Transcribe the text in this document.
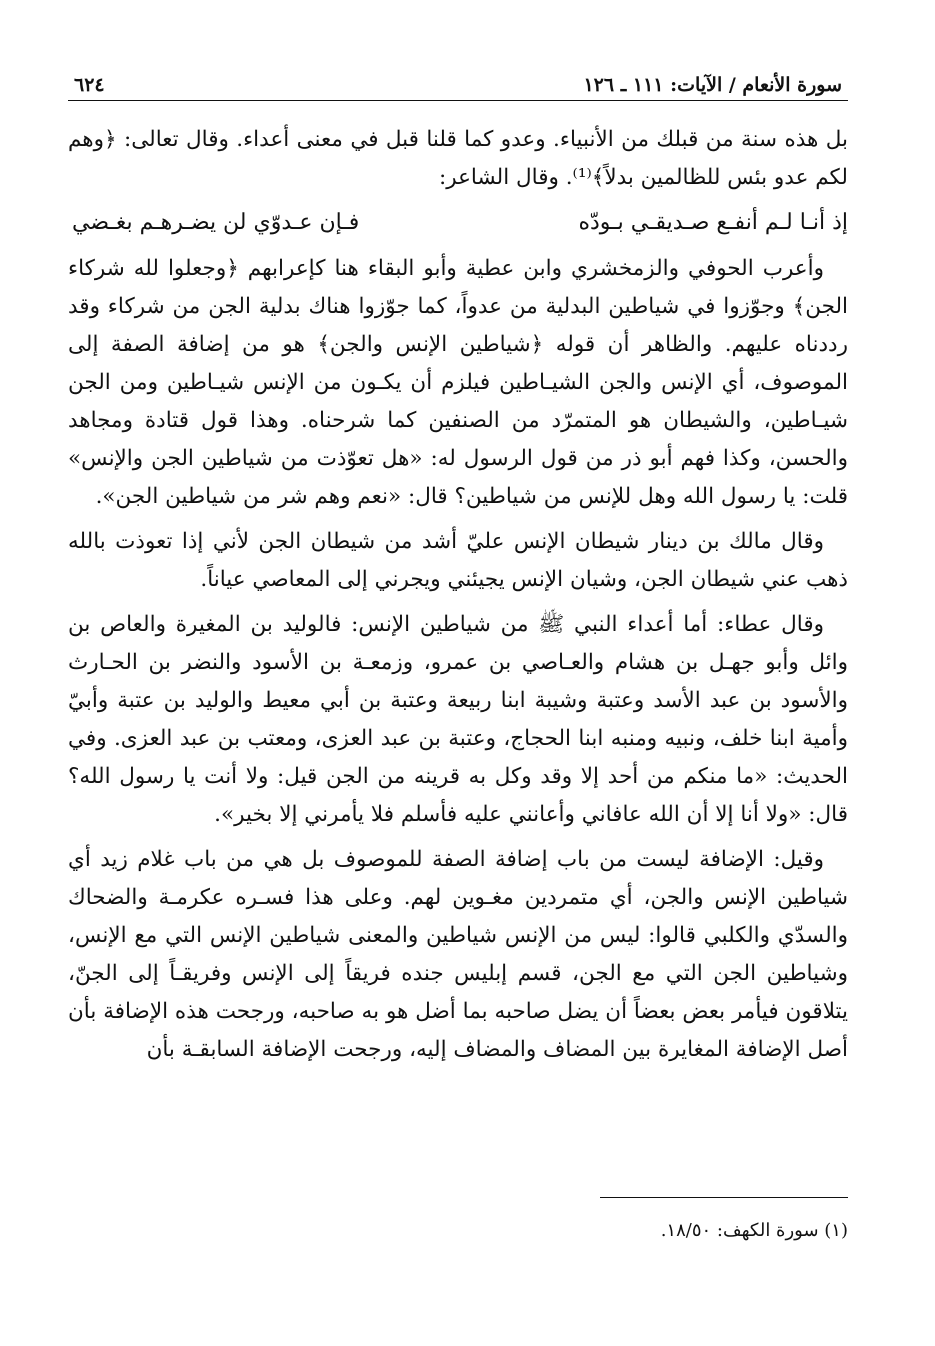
سورة الأنعام / الآيات: ١١١ ـ ١٢٦
٦٢٤

بل هذه سنة من قبلك من الأنبياء. وعدو كما قلنا قبل في معنى أعداء. وقال تعالى: ﴿وهم لكم عدو بئس للظالمين بدلاً﴾⁽¹⁾. وقال الشاعر:

إذ أنـا لـم أنفـع صـديقـي بـودّه
فـإن عـدوّي لن يضـرهـم بغـضي

وأعرب الحوفي والزمخشري وابن عطية وأبو البقاء هنا كإعرابهم ﴿وجعلوا لله شركاء الجن﴾ وجوّزوا في شياطين البدلية من عدواً، كما جوّزوا هناك بدلية الجن من شركاء وقد رددناه عليهم. والظاهر أن قوله ﴿شياطين الإنس والجن﴾ هو من إضافة الصفة إلى الموصوف، أي الإنس والجن الشيـاطين فيلزم أن يكـون من الإنس شيـاطين ومن الجن شيـاطين، والشيطان هو المتمرّد من الصنفين كما شرحناه. وهذا قول قتادة ومجاهد والحسن، وكذا فهم أبو ذر من قول الرسول له: «هل تعوّذت من شياطين الجن والإنس» قلت: يا رسول الله وهل للإنس من شياطين؟ قال: «نعم وهم شر من شياطين الجن».

وقال مالك بن دينار شيطان الإنس عليّ أشد من شيطان الجن لأني إذا تعوذت بالله ذهب عني شيطان الجن، وشيان الإنس يجيئني ويجرني إلى المعاصي عياناً.

وقال عطاء: أما أعداء النبي ﷺ من شياطين الإنس: فالوليد بن المغيرة والعاص بن وائل وأبو جهـل بن هشام والعـاصي بن عمرو، وزمعـة بن الأسود والنضر بن الحـارث والأسود بن عبد الأسد وعتبة وشيبة ابنا ربيعة وعتبة بن أبي معيط والوليد بن عتبة وأبيّ وأمية ابنا خلف، ونبيه ومنبه ابنا الحجاج، وعتبة بن عبد العزى، ومعتب بن عبد العزى. وفي الحديث: «ما منكم من أحد إلا وقد وكل به قرينه من الجن قيل: ولا أنت يا رسول الله؟ قال: «ولا أنا إلا أن الله عافاني وأعانني عليه فأسلم فلا يأمرني إلا بخير».

وقيل: الإضافة ليست من باب إضافة الصفة للموصوف بل هي من باب غلام زيد أي شياطين الإنس والجن، أي متمردين مغـوين لهم. وعلى هذا فسـره عكرمـة والضحاك والسدّي والكلبي قالوا: ليس من الإنس شياطين والمعنى شياطين الإنس التي مع الإنس، وشياطين الجن التي مع الجن، قسم إبليس جنده فريقاً إلى الإنس وفريقـاً إلى الجنّ، يتلاقون فيأمر بعض بعضاً أن يضل صاحبه بما أضل هو به صاحبه، ورجحت هذه الإضافة بأن أصل الإضافة المغايرة بين المضاف والمضاف إليه، ورجحت الإضافة السابقـة بأن

(١) سورة الكهف: ١٨/٥٠.
